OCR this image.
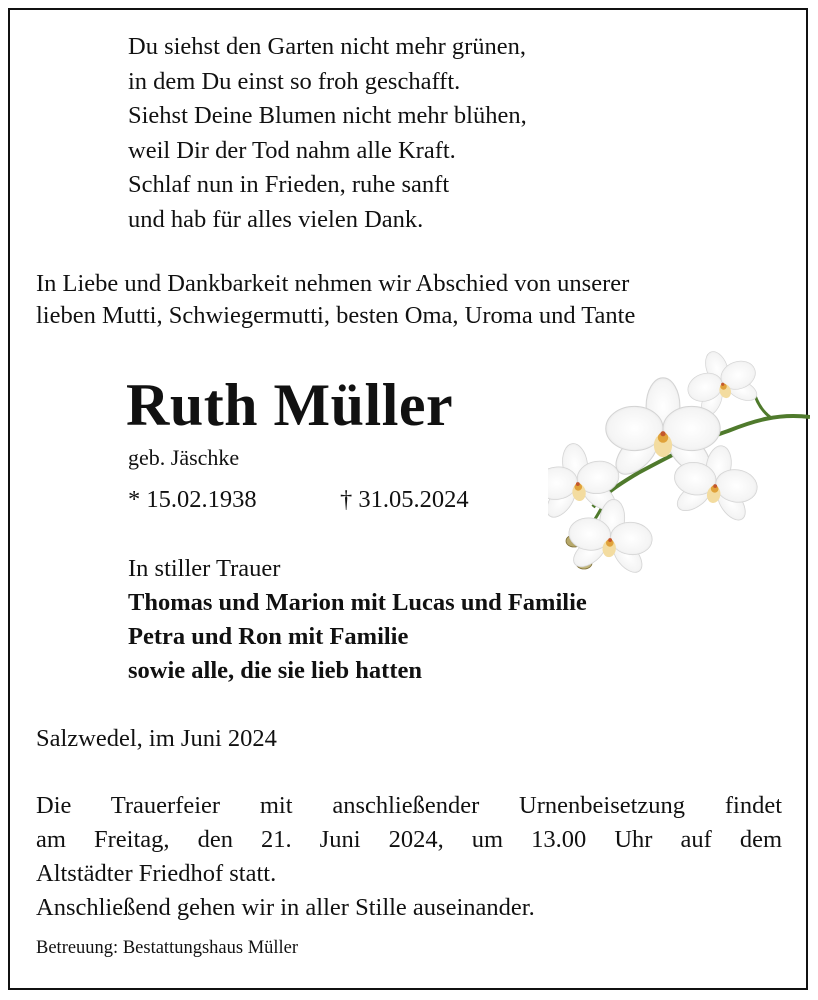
Du siehst den Garten nicht mehr grünen,
in dem Du einst so froh geschafft.
Siehst Deine Blumen nicht mehr blühen,
weil Dir der Tod nahm alle Kraft.
Schlaf nun in Frieden, ruhe sanft
und hab für alles vielen Dank.
In Liebe und Dankbarkeit nehmen wir Abschied von unserer
lieben Mutti, Schwiegermutti, besten Oma, Uroma und Tante
Ruth Müller
geb. Jäschke
* 15.02.1938	† 31.05.2024
In stiller Trauer
Thomas und Marion mit Lucas und Familie
Petra und Ron mit Familie
sowie alle, die sie lieb hatten
Salzwedel, im Juni 2024
Die Trauerfeier mit anschließender Urnenbeisetzung findet
am Freitag, den 21. Juni 2024, um 13.00 Uhr auf dem
Altstädter Friedhof statt.
Anschließend gehen wir in aller Stille auseinander.
Betreuung: Bestattungshaus Müller
